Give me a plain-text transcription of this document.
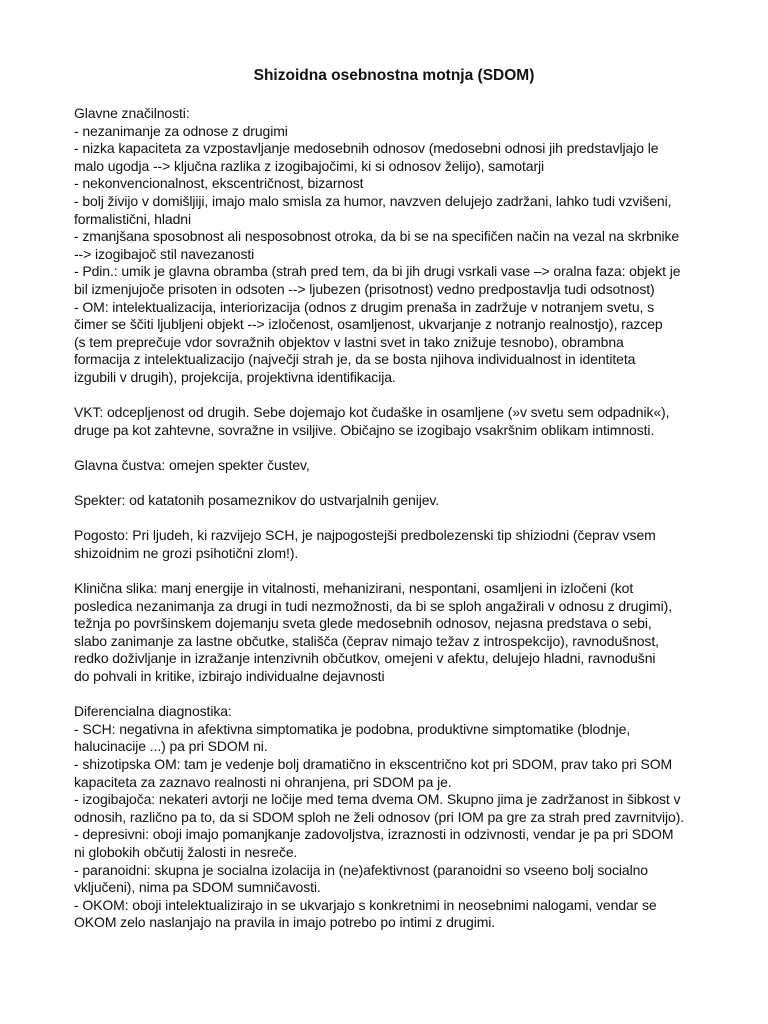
Shizoidna osebnostna motnja (SDOM)
Glavne značilnosti:
- nezanimanje za odnose z drugimi
- nizka kapaciteta za vzpostavljanje medosebnih odnosov (medosebni odnosi jih predstavljajo le
malo ugodja --> ključna razlika z izogibajočimi, ki si odnosov želijo), samotarji
- nekonvencionalnost, ekscentričnost, bizarnost
- bolj živijo v domišljiji, imajo malo smisla za humor, navzven delujejo zadržani, lahko tudi vzvišeni,
formalistični, hladni
- zmanjšana sposobnost ali nesposobnost otroka, da bi se na specifičen način na vezal na skrbnike
--> izogibajoč stil navezanosti
- Pdin.: umik je glavna obramba (strah pred tem, da bi jih drugi vsrkali vase –> oralna faza: objekt je
bil izmenjujoče prisoten in odsoten --> ljubezen (prisotnost) vedno predpostavlja tudi odsotnost)
- OM: intelektualizacija, interiorizacija (odnos z drugim prenaša in zadržuje v notranjem svetu, s
čimer se ščiti ljubljeni objekt --> izločenost, osamljenost, ukvarjanje z notranjo realnostjo), razcep
(s tem preprečuje vdor sovražnih objektov v lastni svet in tako znižuje tesnobo), obrambna
formacija z intelektualizacijo (največji strah je, da se bosta njihova individualnost in identiteta
izgubili v drugih), projekcija, projektivna identifikacija.
VKT: odcepljenost od drugih. Sebe dojemajo kot čudaške in osamljene (»v svetu sem odpadnik«),
druge pa kot zahtevne, sovražne in vsiljive. Običajno se izogibajo vsakršnim oblikam intimnosti.
Glavna čustva: omejen spekter čustev,
Spekter: od katatonih posameznikov do ustvarjalnih genijev.
Pogosto: Pri ljudeh, ki razvijejo SCH, je najpogostejši predbolezenski tip shiziodni (čeprav vsem
shizoidnim ne grozi psihotični zlom!).
Klinična slika: manj energije in vitalnosti, mehanizirani, nespontani, osamljeni in izločeni (kot
posledica nezanimanja za drugi in tudi nezmožnosti, da bi se sploh angažirali v odnosu z drugimi),
težnja po površinskem dojemanju sveta glede medosebnih odnosov, nejasna predstava o sebi,
slabo zanimanje za lastne občutke, stališča (čeprav nimajo težav z introspekcijo), ravnodušnost,
redko doživljanje in izražanje intenzivnih občutkov, omejeni v afektu, delujejo hladni, ravnodušni
do pohvali in kritike, izbirajo individualne dejavnosti
Diferencialna diagnostika:
- SCH: negativna in afektivna simptomatika je podobna, produktivne simptomatike (blodnje,
halucinacije ...) pa pri SDOM ni.
- shizotipska OM: tam je vedenje bolj dramatično in ekscentrično kot pri SDOM, prav tako pri SOM
kapaciteta za zaznavo realnosti ni ohranjena, pri SDOM pa je.
- izogibajoča: nekateri avtorji ne ločije med tema dvema OM. Skupno jima je zadržanost in šibkost v
odnosih, različno pa to, da si SDOM sploh ne želi odnosov (pri IOM pa gre za strah pred zavrnitvijo).
- depresivni: oboji imajo pomanjkanje zadovoljstva, izraznosti in odzivnosti, vendar je pa pri SDOM
ni globokih občutij žalosti in nesreče.
- paranoidni: skupna je socialna izolacija in (ne)afektivnost (paranoidni so vseeno bolj socialno
vključeni), nima pa SDOM sumničavosti.
- OKOM: oboji intelektualizirajo in se ukvarjajo s konkretnimi in neosebnimi nalogami, vendar se
OKOM zelo naslanjajo na pravila in imajo potrebo po intimi z drugimi.
